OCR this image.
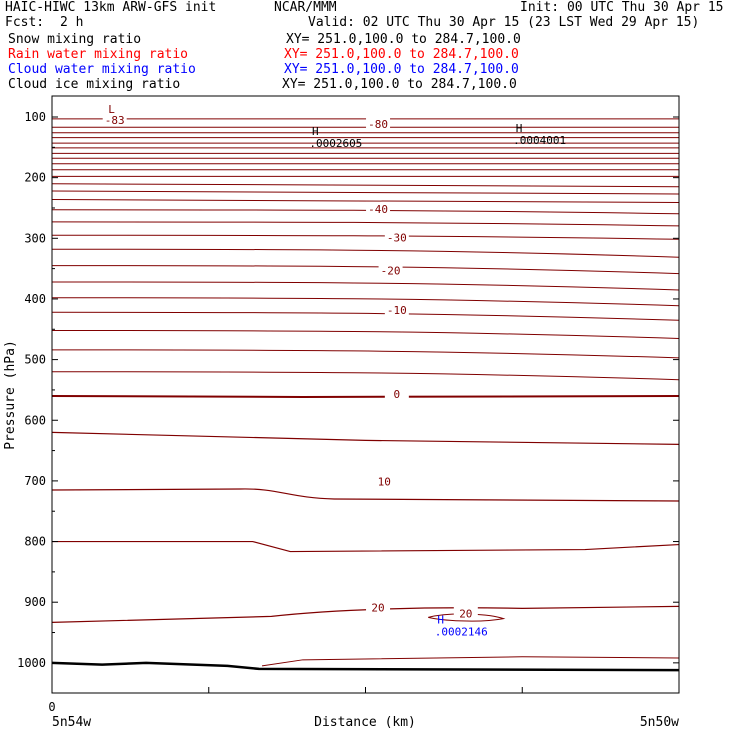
HAIC-HIWC 13km ARW-GFS init	NCAR/MMM	Init: 00 UTC Thu 30 Apr 15
Fcst: 2 h	Valid: 02 UTC Thu 30 Apr 15 (23 LST Wed 29 Apr 15)
Snow mixing ratio	XY= 251.0,100.0 to 284.7,100.0
Rain water mixing ratio	XY= 251.0,100.0 to 284.7,100.0
Cloud water mixing ratio	XY= 251.0,100.0 to 284.7,100.0
Cloud ice mixing ratio	XY= 251.0,100.0 to 284.7,100.0
-83	-80
-40
-30
-20
-10
0
10
20	20
L
H
.0002605
H
.0004001
H
.0002146
100
200
300
400
500
600
700
800
900
1000
Pressure (hPa)
Distance (km)
0
5n54w	5n50w
